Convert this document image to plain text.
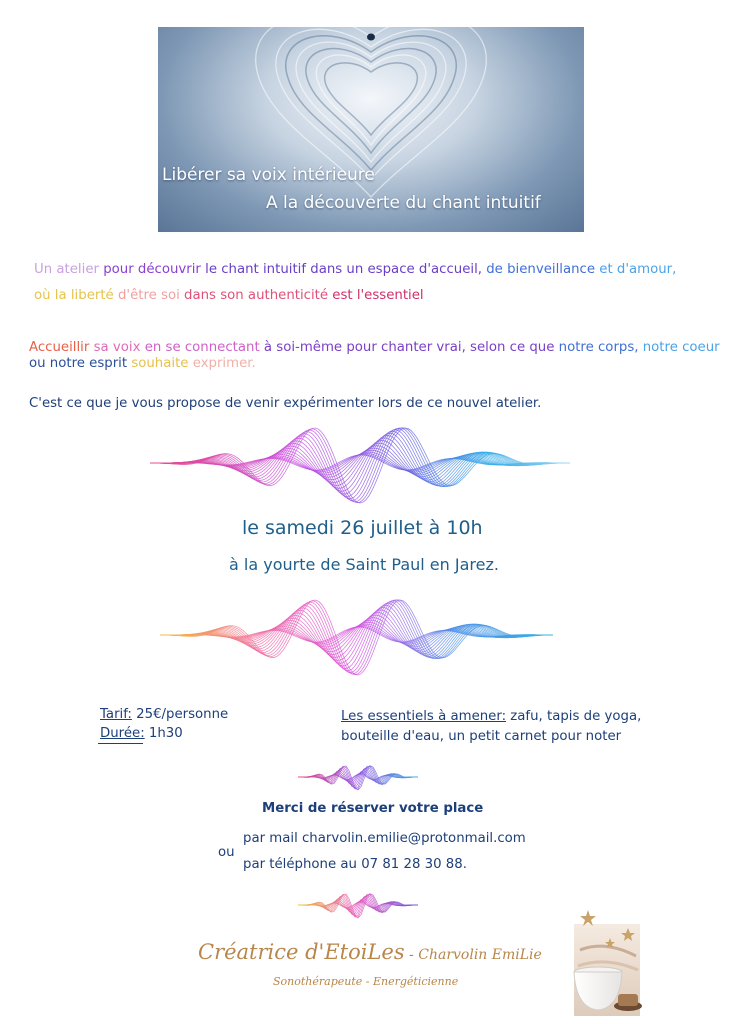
Libérer sa voix intérieure
A la découverte du chant intuitif
Un atelier pour découvrir le chant intuitif dans un espace d'accueil, de bienveillance et d'amour,
où la liberté d'être soi dans son authenticité est l'essentiel
Accueillir sa voix en se connectant à soi-même pour chanter vrai, selon ce que notre corps, notre coeur
ou notre esprit souhaite exprimer.
C'est ce que je vous propose de venir expérimenter lors de ce nouvel atelier.
le samedi 26 juillet à 10h
à la yourte de Saint Paul en Jarez.
Tarif: 25€/personne
Durée: 1h30
Les essentiels à amener: zafu, tapis de yoga,
bouteille d'eau, un petit carnet pour noter
Merci de réserver votre place
par mail charvolin.emilie@protonmail.com
ou
par téléphone au 07 81 28 30 88.
Créatrice d'EtoiLes - Charvolin EmiLie
Sonothérapeute - Energéticienne
